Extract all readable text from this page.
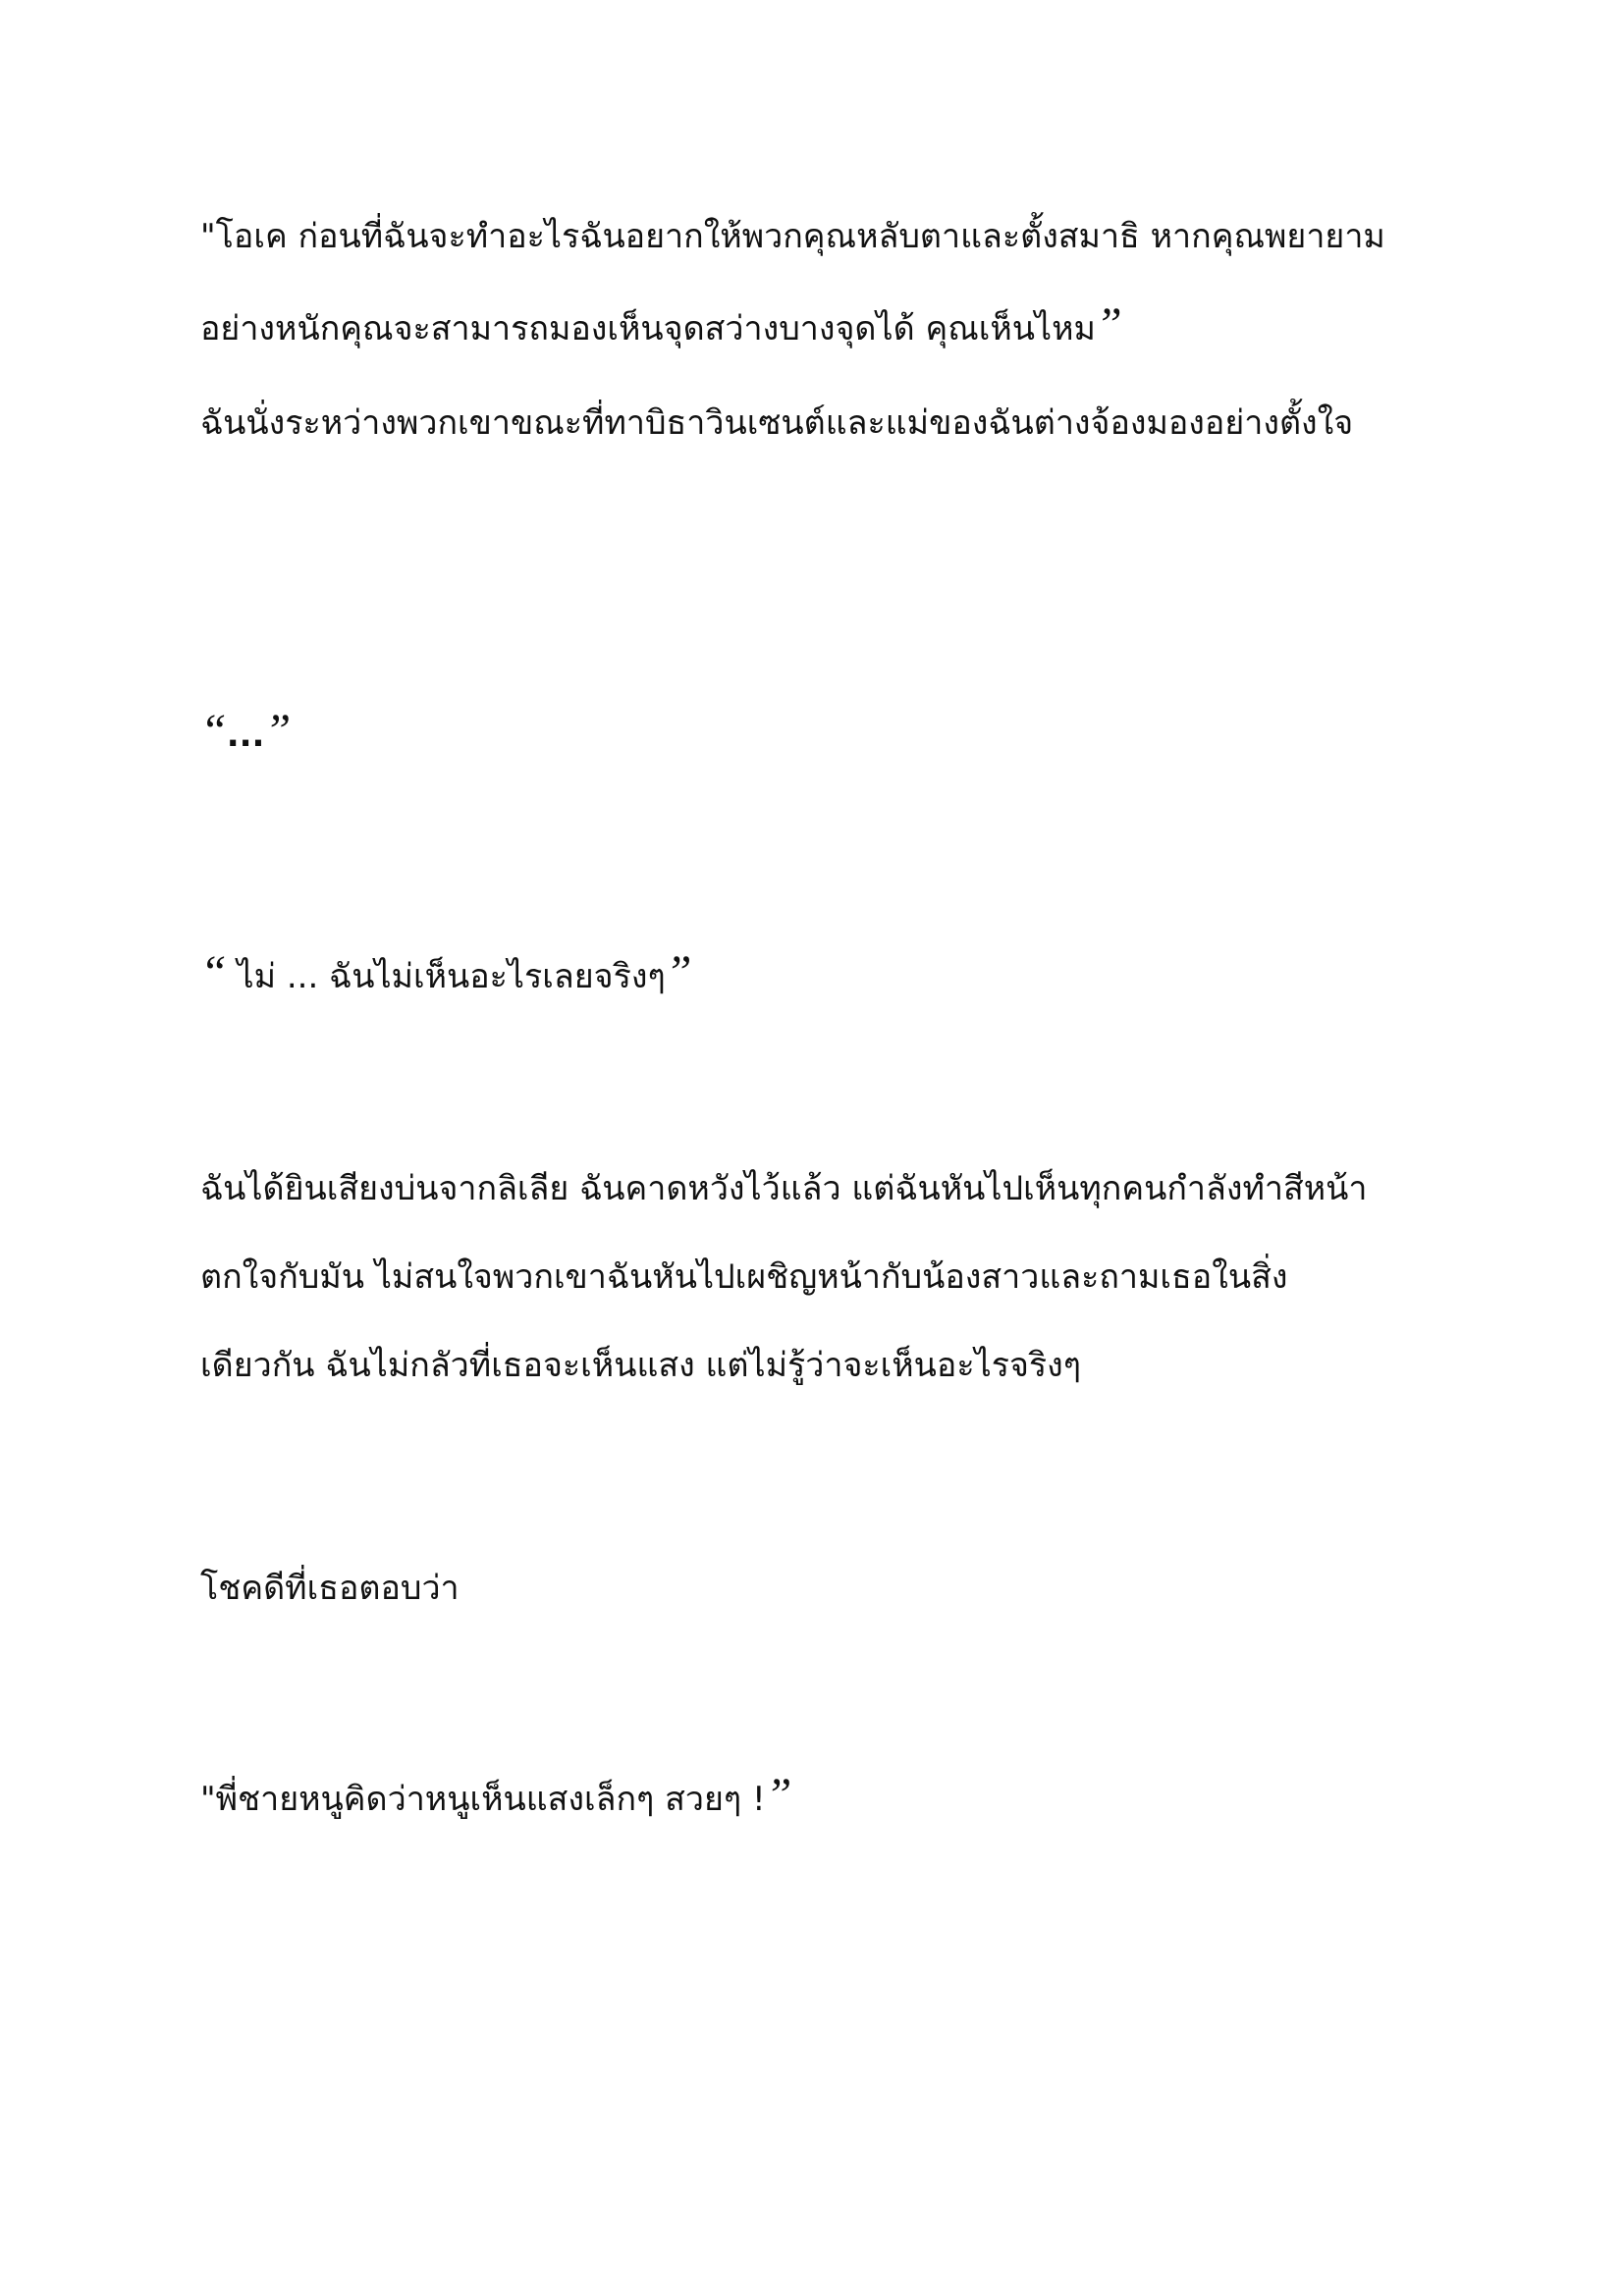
"โอเค ก่อนที่ฉันจะทำอะไรฉันอยากให้พวกคุณหลับตาและตั้งสมาธิ หากคุณพยายาม
อย่างหนักคุณจะสามารถมองเห็นจุดสว่างบางจุดได้ คุณเห็นไหม”

ฉันนั่งระหว่างพวกเขาขณะที่ทาบิธาวินเซนต์และแม่ของฉันต่างจ้องมองอย่างตั้งใจ

“...”

“ ไม่ ... ฉันไม่เห็นอะไรเลยจริงๆ”

ฉันได้ยินเสียงบ่นจากลิเลีย ฉันคาดหวังไว้แล้ว แต่ฉันหันไปเห็นทุกคนกำลังทำสีหน้า
ตกใจกับมัน ไม่สนใจพวกเขาฉันหันไปเผชิญหน้ากับน้องสาวและถามเธอในสิ่ง
เดียวกัน ฉันไม่กลัวที่เธอจะเห็นแสง แต่ไม่รู้ว่าจะเห็นอะไรจริงๆ

โชคดีที่เธอตอบว่า

"พี่ชายหนูคิดว่าหนูเห็นแสงเล็กๆ สวยๆ !”
